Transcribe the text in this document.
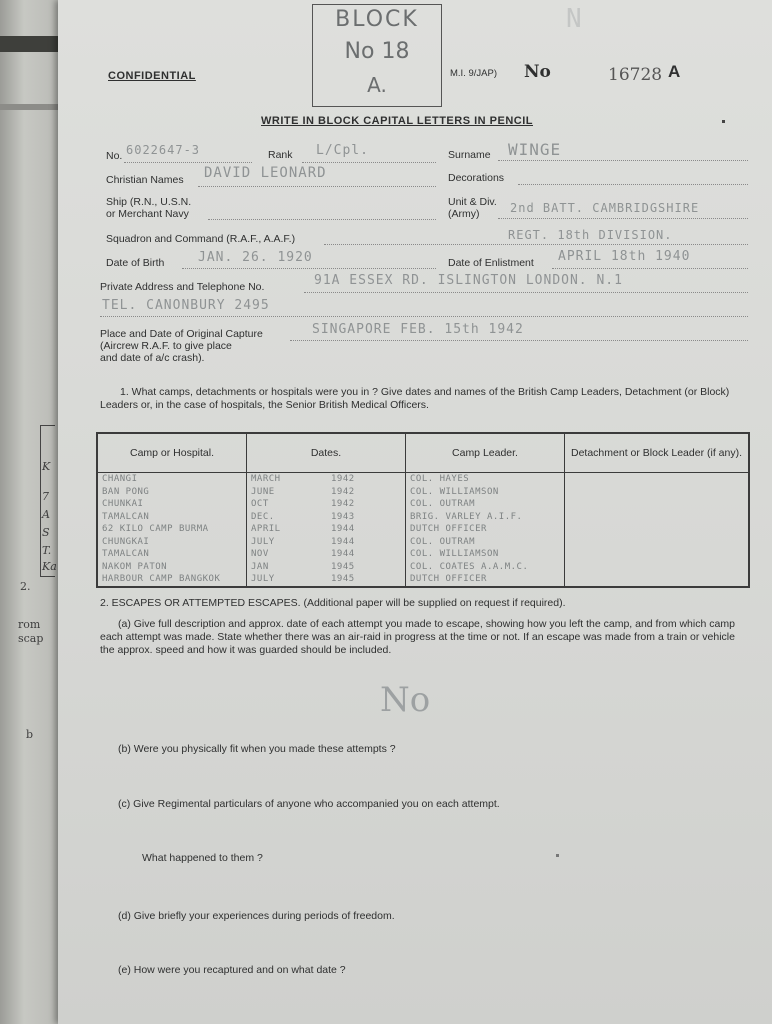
K
7
A
S
T.
Ka
2.
rom
scap
b
CONFIDENTIAL
BLOCK
No 18
A.
N
M.I. 9/JAP) No	16728 A
WRITE IN BLOCK CAPITAL LETTERS IN PENCIL
No. 6022647-3	Rank L/Cpl.	Surname WINGE
Christian Names DAVID LEONARD	Decorations
Ship (R.N., U.S.N.
or Merchant Navy
Unit & Div.
(Army)	2nd BATT. CAMBRIDGSHIRE
REGT. 18th DIVISION.
Squadron and Command (R.A.F., A.A.F.)
Date of Birth	JAN. 26. 1920	Date of Enlistment APRIL 18th 1940
Private Address and Telephone No.	91A ESSEX RD. ISLINGTON LONDON. N.1
TEL. CANONBURY 2495
Place and Date of Original Capture
(Aircrew R.A.F. to give place
and date of a/c crash).
SINGAPORE FEB. 15th 1942
1. What camps, detachments or hospitals were you in ? Give dates and names of the British Camp Leaders, Detachment (or Block) Leaders or, in the case of hospitals, the Senior British Medical Officers.
Camp or Hospital.	Dates.	Camp Leader.	Detachment or Block Leader (if any).
CHANGI	MARCH 1942	COL. HAYES	
BAN PONG	JUNE 1942	COL. WILLIAMSON	
CHUNKAI	OCT 1942	COL. OUTRAM	
TAMALCAN	DEC. 1943	BRIG. VARLEY A.I.F.	
62 KILO CAMP BURMA	APRIL 1944	DUTCH OFFICER	
CHUNGKAI	JULY 1944	COL. OUTRAM	
TAMALCAN	NOV 1944	COL. WILLIAMSON	
NAKOM PATON	JAN 1945	COL. COATES A.A.M.C.	
HARBOUR CAMP BANGKOK	JULY 1945	DUTCH OFFICER	
2. ESCAPES OR ATTEMPTED ESCAPES. (Additional paper will be supplied on request if required).
(a) Give full description and approx. date of each attempt you made to escape, showing how you left the camp, and from which camp each attempt was made. State whether there was an air-raid in progress at the time or not. If an escape was made from a train or vehicle the approx. speed and how it was guarded should be included.
No
(b) Were you physically fit when you made these attempts ?
(c) Give Regimental particulars of anyone who accompanied you on each attempt.
What happened to them ?
(d) Give briefly your experiences during periods of freedom.
(e) How were you recaptured and on what date ?
